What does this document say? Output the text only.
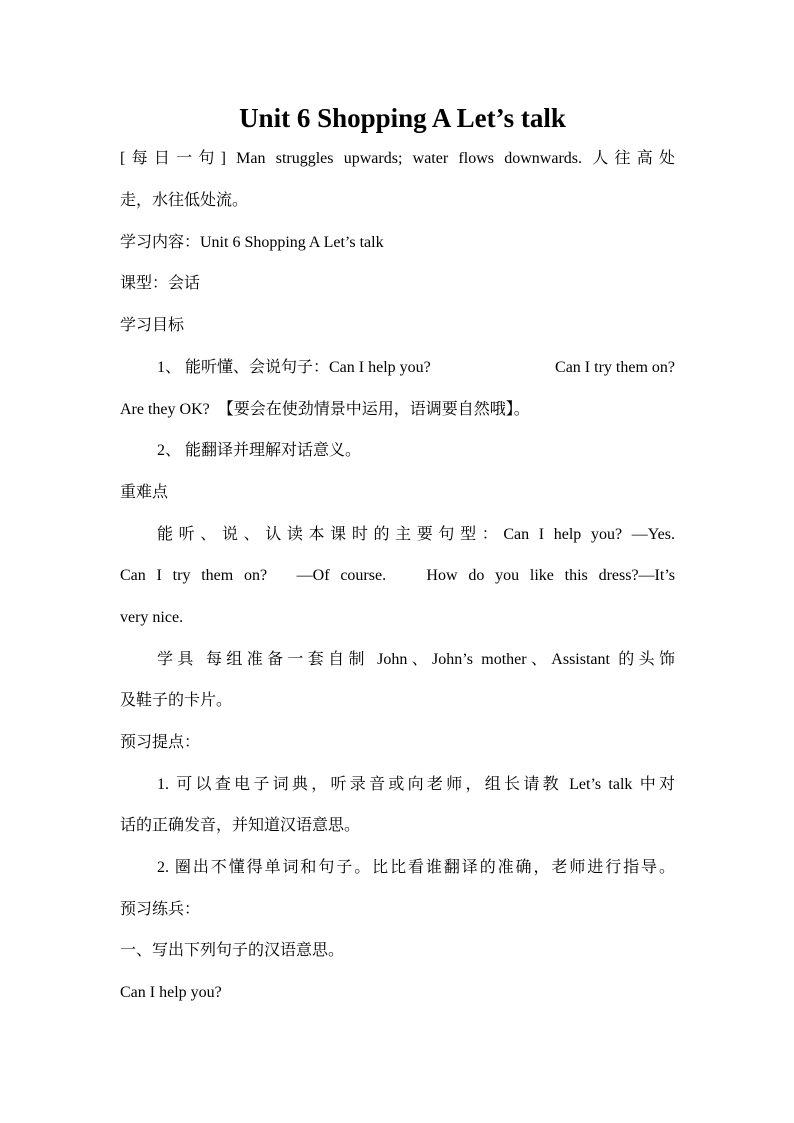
Unit 6 Shopping A Let’s talk
[每日一句] Man struggles upwards; water flows downwards. 人往高处
走，水往低处流。
学习内容：Unit 6 Shopping A Let’s talk
课型：会话
学习目标
1、 能听懂、会说句子：Can I help you?	Can I try them on?
Are they OK?　【要会在使劲情景中运用，语调要自然哦】。
2、 能翻译并理解对话意义。
重难点
能听、说、认读本课时的主要句型：Can I help you? —Yes.
Can I try them on?　—Of course.　 How do you like this dress?—It’s
very nice.
学具 每组准备一套自制 John、John’s mother、Assistant 的头饰
及鞋子的卡片。
预习提点：
1. 可以查电子词典，听录音或向老师，组长请教 Let’s talk 中对
话的正确发音，并知道汉语意思。
2. 圈出不懂得单词和句子。比比看谁翻译的准确，老师进行指导。
预习练兵：
一、写出下列句子的汉语意思。
Can I help you?
